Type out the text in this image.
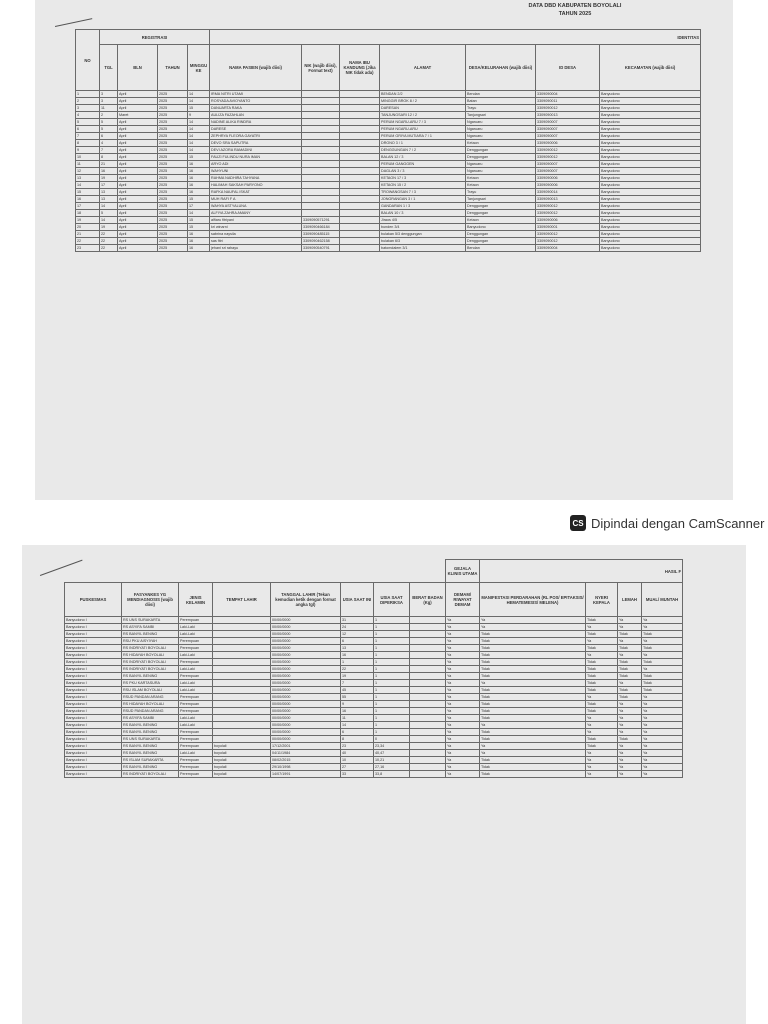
DATA DBD KABUPATEN BOYOLALI
TAHUN 2025
NO	REGISTRASI				IDENTITAS						
	TGL	BLN	TAHUN	MINGGU KE	NAMA PASIEN (wajib diisi)	NIK (wajib diisi), Format text)	NAMA IBU KANDUNG (Jika NIK tidak ada)	ALAMAT	DESA/KELURAHAN (wajib diisi)	ID DESA	KECAMATAN (wajib diisi)
1	3	April	2025	14	IRMA NITRI UTAMI			BENDAN 2/2	Bendan	3309090004	Banyudono
2	3	April	2025	14	ROSYADA AVIOYANTO			MINGGIR BROK 8 / 2	Batan	3309090011	Banyudono
3	11	April	2025	15	DANUARTA RAKA			DARESAN	Trayu	3309090012	Banyudono
4	2	Maret	2025	9	AULIZA FAZAHLAN			TANJUNGSARI 12 / 2	Tanjungsari	3309090013	Banyudono
5	5	April	2025	14	NADINE ALIKA RINDRA			PERUM NGARU-ARU 7 / 3	Ngaruaru	3309090007	Banyudono
6	5	April	2025	14	DARESE			PERUM NGARU-ARU	Ngaruaru	3309090007	Banyudono
7	6	April	2025	14	ZEPHRYA FLEORA GAYATRI			PERUM GRIYA MUTIARA 7 / 1	Ngaruaru	3309090007	Banyudono
8	4	April	2025	14	DEVO SRA SAPUTRA			DRONO 3 / 1	Ketaon	3309090006	Banyudono
9	7	April	2025	14	DEVI AZORA RAMADINI			DENGGUNGAN 7 / 2	Denggungan	3309090012	Banyudono
10	8	April	2025	15	FAUZI FULINDU NURA IMAN			BALAN 12 / 3	Denggungan	3309090012	Banyudono
11	21	April	2025	16	ARYO ADI			PERUM GANGGEN	Ngaruaru	3309090007	Banyudono
12	16	April	2025	16	WAHYUNI			DAGLAN 3 / 3	Ngaruaru	3309090007	Banyudono
13	19	April	2025	16	RAHMA NADHIRA TAHYANA			KETAON 17 / 3	Ketaon	3309090006	Banyudono
14	17	April	2025	16	HALIMAH SAKSAH PARYONO			KETAON 15 / 2	Ketaon	3309090006	Banyudono
15	13	April	2025	16	RAFKA NAUFAL ISKAT			TROWANGSAN 7 / 3	Trayu	3309090014	Banyudono
16	13	April	2025	15	MUH RAFI F A			JONGRANGAN 3 / 1	Tanjungsari	3309090013	Banyudono
17	14	April	2025	17	WAHYA ASTYALUNA			GANDARAN 1 / 3	Denggungan	3309090012	Banyudono
18	5	April	2025	14	ALFIYA ZAHRA AMANY			BALAN 10 / 3	Denggungan	3309090012	Banyudono
19	14	April	2025	15	alfiaru fitriyani	3309090571291		Jiraos 4/5	Ketaon	3309090006	Banyudono
20	19	April	2025	15	kri winarni	3309090466184		bunden 3/4	Banyudono	3309090001	Banyudono
21	22	April	2025	16	sabrina naysila	3309090485115		bulakan 5/3 denggungan	Denggungan	3309090012	Banyudono
22	22	April	2025	16	sas fitri	3309090462158		bulakan 6/3	Denggungan	3309090012	Banyudono
23	22	April	2025	16	jehani sri rahayu	3309090540791		batomdalem 3/1	Bendan	3309090004	Banyudono
CS Dipindai dengan CamScanner
								GEJALA KLINIS UTAMA	HASIL F			
PUSKESMAS	FASYANKES YG MENDIAGNOSIS (wajib diisi)	JENIS KELAMIN	TEMPAT LAHIR	TANGGAL LAHIR (Tekan kemudian ketik dengan format angka tgl)	USIA SAAT INI	USIA SAAT DIPERIKSA	BERAT BADAN (Kg)	DEMAM/ RIWAYAT DEMAM	MANIFESTASI PERDARAHAN (RL POS/ EPITAKSIS/ HEMATEMESIS/ MELENA)	NYERI KEPALA	LEMAH	MUAL/ MUNTAH
Banyudono I	RS UNS SURAKARTA	Perempuan		00/00/0000	31	1		Ya	Ya	Tidak	Ya	Ya
Banyudono I	RS ASYIFA SAMBI	Laki-Laki		00/00/0000	24	1		Ya	Ya	Ya	Ya	Ya
Banyudono I	RS BANYIL BENING	Laki-Laki		00/00/0000	12	1		Ya	Tidak	Tidak	Tidak	Tidak
Banyudono I	RSU PKU AISYIYAH	Perempuan		00/00/0000	6	1		Ya	Tidak	Ya	Ya	Ya
Banyudono I	RS INDRIYATI BOYOLALI	Perempuan		00/00/0000	13	1		Ya	Tidak	Tidak	Tidak	Tidak
Banyudono I	RS HIDAYAH BOYOLALI	Laki-Laki		00/00/0000	16	1		Ya	Tidak	Ya	Ya	Ya
Banyudono I	RS INDRIYATI BOYOLALI	Perempuan		00/00/0000	1	1		Ya	Tidak	Tidak	Tidak	Tidak
Banyudono I	RS INDRIYATI BOYOLALI	Laki-Laki		00/00/0000	22	1		Ya	Tidak	Tidak	Tidak	Ya
Banyudono I	RS BANYIL BENING	Perempuan		00/00/0000	19	1		Ya	Tidak	Tidak	Tidak	Tidak
Banyudono I	RS PKU KARTASURA	Laki-Laki		00/00/0000	7	1		Ya	Ya	Tidak	Ya	Tidak
Banyudono I	RSU ISLAM BOYOLALI	Laki-Laki		00/00/0000	45	1		Ya	Tidak	Tidak	Tidak	Tidak
Banyudono I	RSUD PANDAN ARANG	Perempuan		00/00/0000	55	1		Ya	Tidak	Ya	Tidak	Ya
Banyudono I	RS HIDAYAH BOYOLALI	Perempuan		00/00/0000	9	1		Ya	Tidak	Tidak	Ya	Ya
Banyudono I	RSUD PANDAN ARANG	Perempuan		00/00/0000	16	1		Ya	Tidak	Tidak	Ya	Ya
Banyudono I	RS ASYIFA SAMBI	Laki-Laki		00/00/0000	11	1		Ya	Tidak	Ya	Ya	Ya
Banyudono I	RS BANYIL BENING	Laki-Laki		00/00/0000	14	1		Ya	Ya	Ya	Ya	Ya
Banyudono I	RS BANYIL BENING	Perempuan		00/00/0000	6	1		Ya	Tidak	Ya	Ya	Ya
Banyudono I	RS UNS SURAKARTA	Perempuan		00/00/0000	8	0		Ya	Tidak	Tidak	Tidak	Ya
Banyudono I	RS BANYIL BENING	Perempuan	boyolali	17/12/2001	23	23,34		Ya	Ya	Tidak	Ya	Ya
Banyudono I	RS BANYIL BENING	Laki-Laki	boyolali	04/11/1984	40	40,47		Ya	Ya	Ya	Ya	Ya
Banyudono I	RS ISLAM SURAKARTA	Perempuan	boyolali	08/02/2015	10	10,21		Ya	Tidak	Ya	Ya	Ya
Banyudono I	RS BANYIL BENING	Perempuan	boyolali	29/10/1998	27	27,16		Ya	Tidak	Ya	Ya	Ya
Banyudono I	RS INDRIYATI BOYOLALI	Perempuan	boyolali	14/07/1991	33	33,8		Ya	Tidak	Ya	Ya	Ya
